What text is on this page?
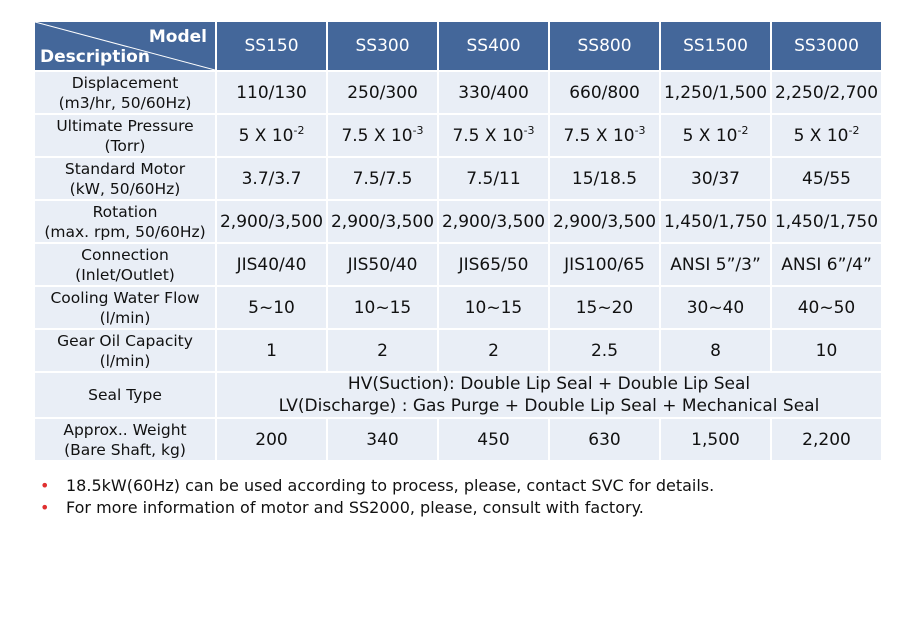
Model
Description	SS150	SS300	SS400	SS800	SS1500	SS3000

Displacement
(m3/hr, 50/60Hz)	110/130	250/300	330/400	660/800	1,250/1,500	2,250/2,700

Ultimate Pressure
(Torr)	5 X $10^{-2}$	7.5 X $10^{-3}$	7.5 X $10^{-3}$	7.5 X $10^{-3}$	5 X $10^{-2}$	5 X $10^{-2}$

Standard Motor
(kW, 50/60Hz)	3.7/3.7	7.5/7.5	7.5/11	15/18.5	30/37	45/55

Rotation
(max. rpm, 50/60Hz)	2,900/3,500	2,900/3,500	2,900/3,500	2,900/3,500	1,450/1,750	1,450/1,750

Connection
(Inlet/Outlet)	JIS40/40	JIS50/40	JIS65/50	JIS100/65	ANSI 5”/3”	ANSI 6”/4”

Cooling Water Flow
(l/min)	5~10	10~15	10~15	15~20	30~40	40~50

Gear Oil Capacity
(l/min)	1	2	2	2.5	8	10

Seal Type	HV(Suction): Double Lip Seal + Double Lip Seal
LV(Discharge) : Gas Purge + Double Lip Seal + Mechanical Seal					

Approx.. Weight
(Bare Shaft, kg)	200	340	450	630	1,500	2,200
• 18.5kW(60Hz) can be used according to process, please, contact SVC for details.
• For more information of motor and SS2000, please, consult with factory.
